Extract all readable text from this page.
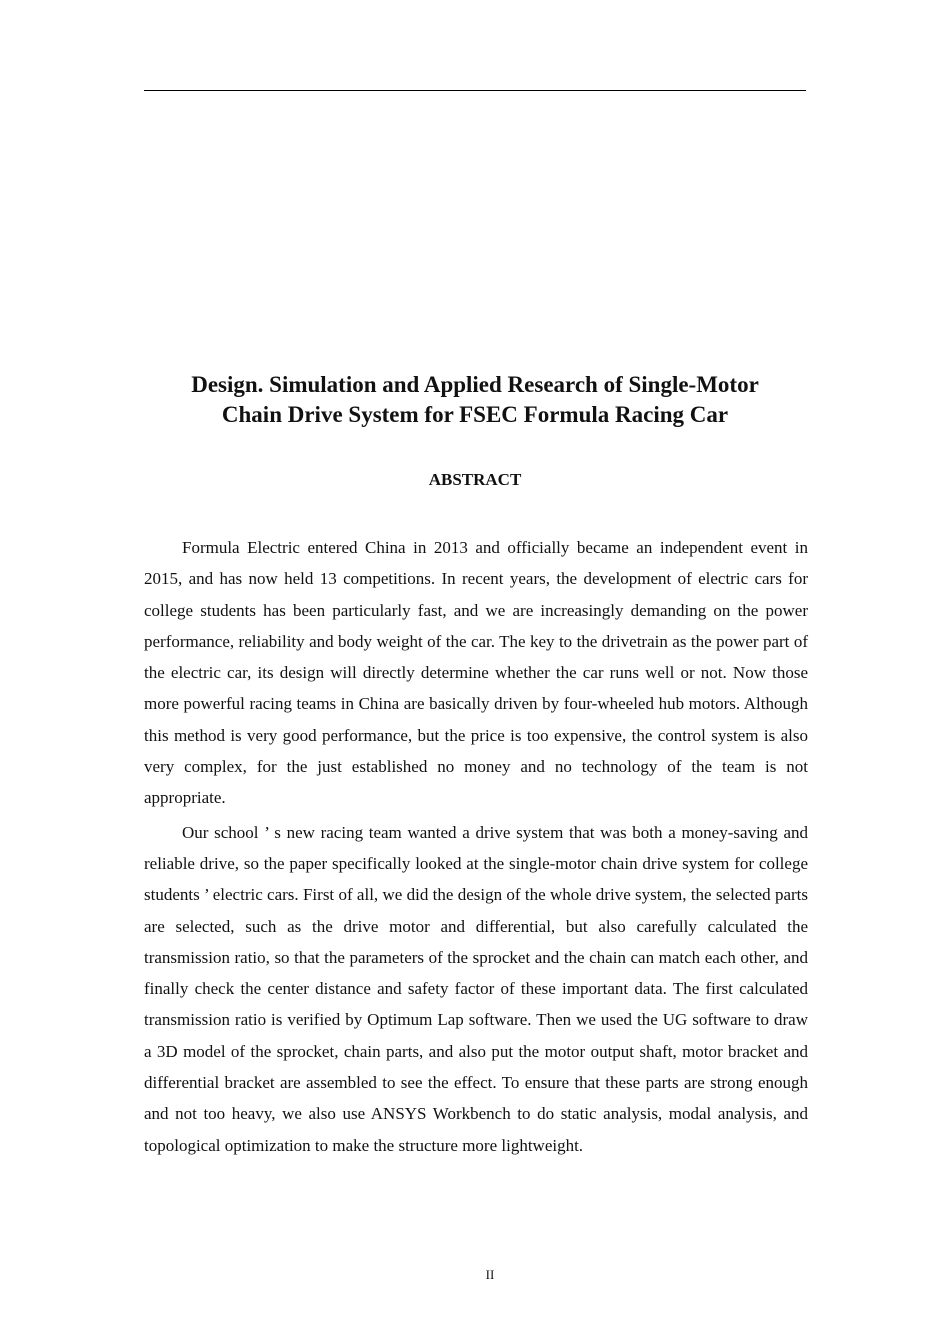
Design. Simulation and Applied Research of Single-Motor
Chain Drive System for FSEC Formula Racing Car
ABSTRACT

Formula Electric entered China in 2013 and officially became an independent event in 2015, and has now held 13 competitions. In recent years, the development of electric cars for college students has been particularly fast, and we are increasingly demanding on the power performance, reliability and body weight of the car. The key to the drivetrain as the power part of the electric car, its design will directly determine whether the car runs well or not. Now those more powerful racing teams in China are basically driven by four-wheeled hub motors. Although this method is very good performance, but the price is too expensive, the control system is also very complex, for the just established no money and no technology of the team is not appropriate.

Our school ’ s new racing team wanted a drive system that was both a money-saving and reliable drive, so the paper specifically looked at the single-motor chain drive system for college students ’ electric cars. First of all, we did the design of the whole drive system, the selected parts are selected, such as the drive motor and differential, but also carefully calculated the transmission ratio, so that the parameters of the sprocket and the chain can match each other, and finally check the center distance and safety factor of these important data. The first calculated transmission ratio is verified by Optimum Lap software. Then we used the UG software to draw a 3D model of the sprocket, chain parts, and also put the motor output shaft, motor bracket and differential bracket are assembled to see the effect. To ensure that these parts are strong enough and not too heavy, we also use ANSYS Workbench to do static analysis, modal analysis, and topological optimization to make the structure more lightweight.

II
